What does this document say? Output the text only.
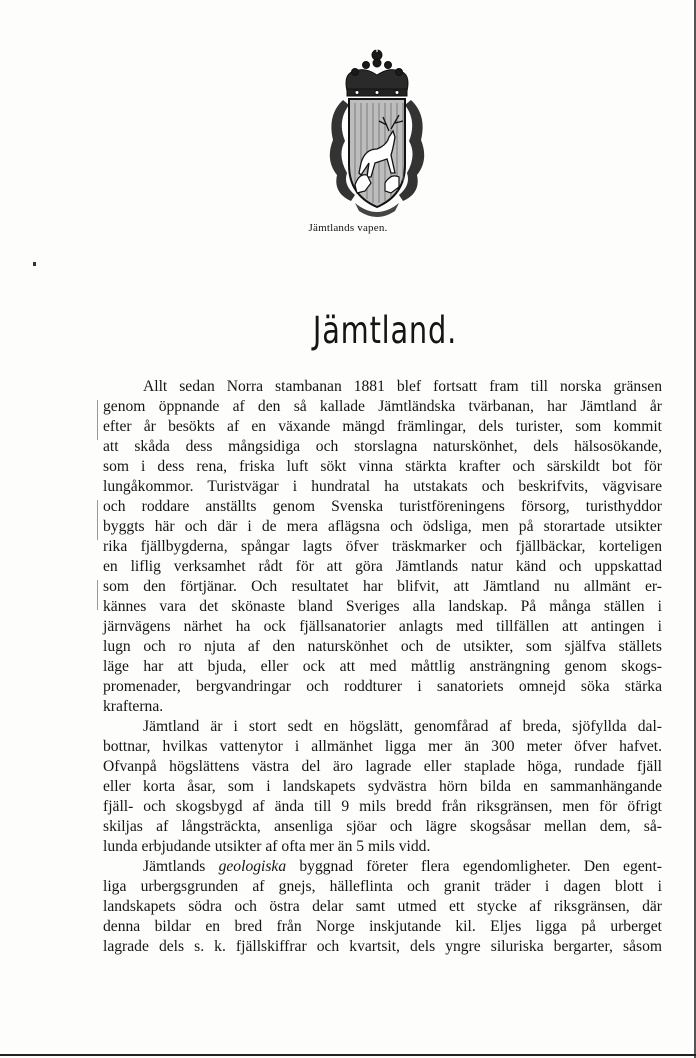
Jämtlands vapen.
Jämtland.
Allt sedan Norra stambanan 1881 blef fortsatt fram till norska gränsen
genom öppnande af den så kallade Jämtländska tvärbanan, har Jämtland år
efter år besökts af en växande mängd främlingar, dels turister, som kommit
att skåda dess mångsidiga och storslagna naturskönhet, dels hälsosökande,
som i dess rena, friska luft sökt vinna stärkta krafter och särskildt bot för
lungåkommor. Turistvägar i hundratal ha utstakats och beskrifvits, vägvisare
och roddare anställts genom Svenska turistföreningens försorg, turisthyddor
byggts här och där i de mera aflägsna och ödsliga, men på storartade utsikter
rika fjällbygderna, spångar lagts öfver träskmarker och fjällbäckar, korteligen
en liflig verksamhet rådt för att göra Jämtlands natur känd och uppskattad
som den förtjänar. Och resultatet har blifvit, att Jämtland nu allmänt er-
kännes vara det skönaste bland Sveriges alla landskap. På många ställen i
järnvägens närhet ha ock fjällsanatorier anlagts med tillfällen att antingen i
lugn och ro njuta af den naturskönhet och de utsikter, som själfva ställets
läge har att bjuda, eller ock att med måttlig ansträngning genom skogs-
promenader, bergvandringar och roddturer i sanatoriets omnejd söka stärka
krafterna.
Jämtland är i stort sedt en högslätt, genomfårad af breda, sjöfyllda dal-
bottnar, hvilkas vattenytor i allmänhet ligga mer än 300 meter öfver hafvet.
Ofvanpå högslättens västra del äro lagrade eller staplade höga, rundade fjäll
eller korta åsar, som i landskapets sydvästra hörn bilda en sammanhängande
fjäll- och skogsbygd af ända till 9 mils bredd från riksgränsen, men för öfrigt
skiljas af långsträckta, ansenliga sjöar och lägre skogsåsar mellan dem, så-
lunda erbjudande utsikter af ofta mer än 5 mils vidd.
Jämtlands geologiska byggnad företer flera egendomligheter. Den egent-
liga urbergsgrunden af gnejs, hälleflinta och granit träder i dagen blott i
landskapets södra och östra delar samt utmed ett stycke af riksgränsen, där
denna bildar en bred från Norge inskjutande kil. Eljes ligga på urberget
lagrade dels s. k. fjällskiffrar och kvartsit, dels yngre siluriska bergarter, såsom
